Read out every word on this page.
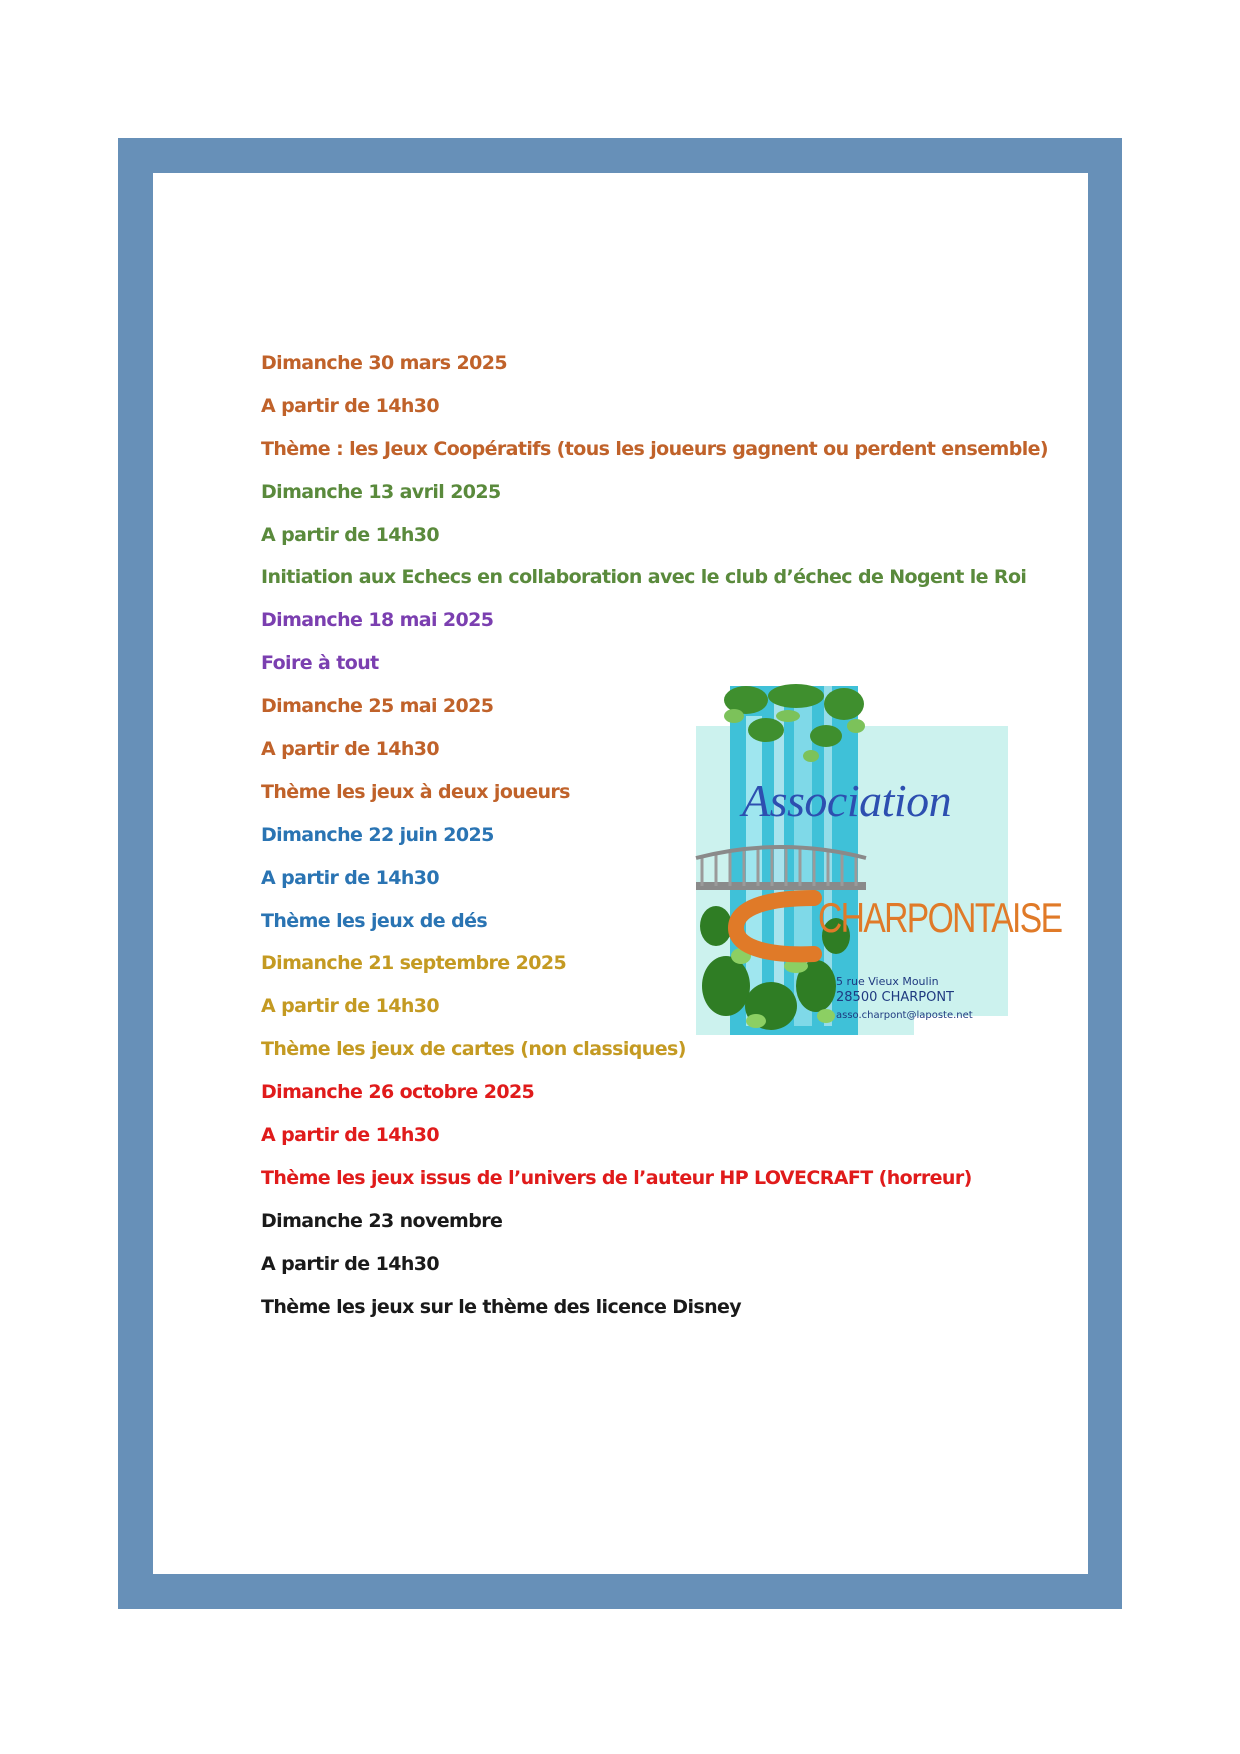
Dimanche 30 mars 2025
A partir de 14h30
Thème : les Jeux Coopératifs (tous les joueurs gagnent ou perdent ensemble)
Dimanche 13 avril 2025
A partir de 14h30
Initiation aux Echecs en collaboration avec le club d’échec de Nogent le Roi
Dimanche 18 mai 2025
Foire à tout
Dimanche 25 mai 2025
A partir de 14h30
Thème les jeux à deux joueurs
Dimanche 22 juin 2025
A partir de 14h30
Thème les jeux de dés
Dimanche 21 septembre 2025
A partir de 14h30
Thème les jeux de cartes (non classiques)
Dimanche 26 octobre 2025
A partir de 14h30
Thème les jeux issus de l’univers de l’auteur HP LOVECRAFT (horreur)
Dimanche 23 novembre
A partir de 14h30
Thème les jeux sur le thème des licence Disney
Association
CHARPONTAISE
5 rue Vieux Moulin
28500 CHARPONT
asso.charpont@laposte.net
